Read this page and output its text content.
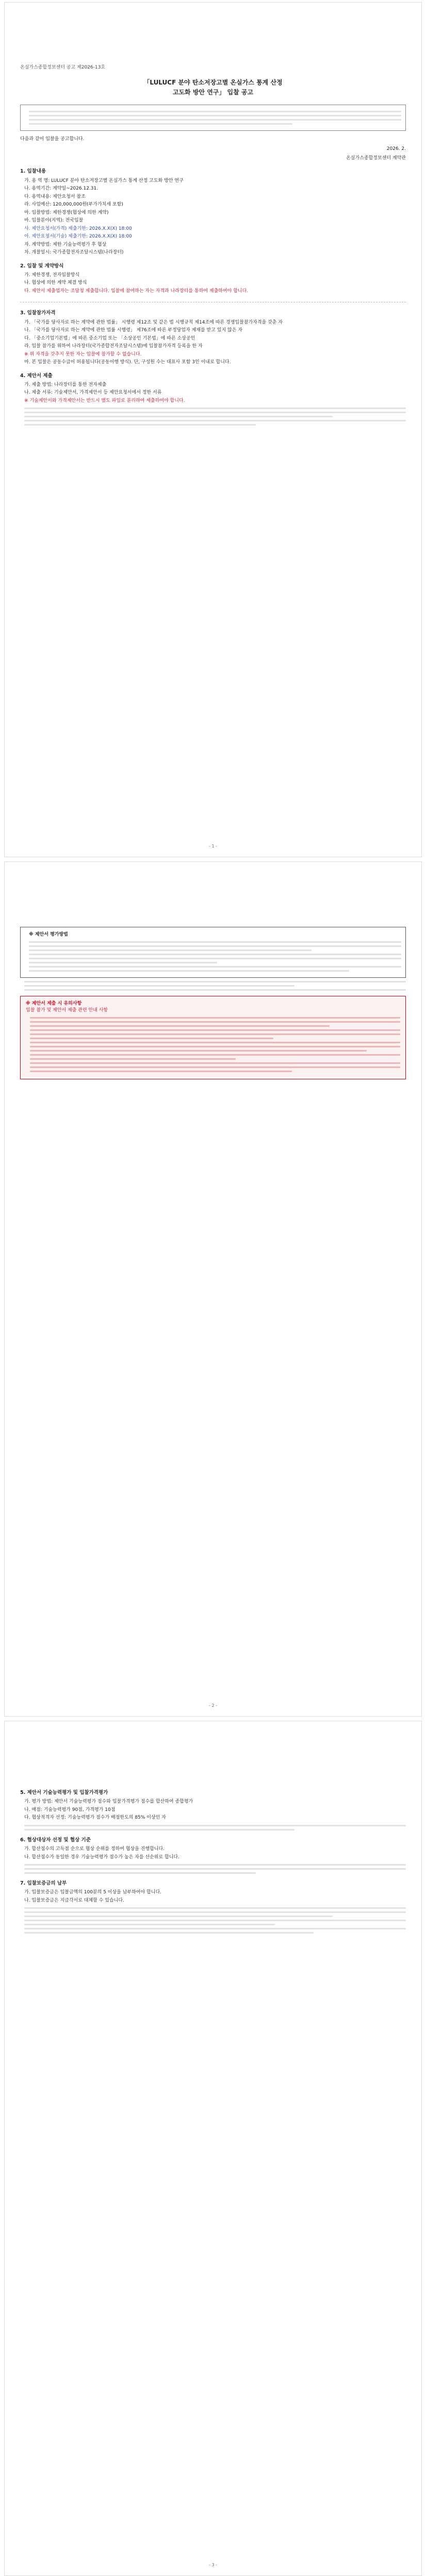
온실가스종합정보센터 공고 제2026-13호
「LULUCF 분야 탄소저장고별 온실가스 통계 산정
고도화 방안 연구」 입찰 공고
다음과 같이 입찰을 공고합니다.
2026. 2.
온실가스종합정보센터 계약관
1. 입찰내용
가. 용 역 명: LULUCF 분야 탄소저장고별 온실가스 통계 산정 고도화 방안 연구
나. 용역기간: 계약일~2026.12.31.
다. 용역내용: 제안요청서 참조
라. 사업예산: 120,000,000원(부가가치세 포함)
마. 입찰방법: 제한경쟁(협상에 의한 계약)
바. 입찰분야(지역): 전국입찰
사. 제안요청서(가격) 제출기한: 2026.X.X(X) 18:00
아. 제안요청서(기술) 제출기한: 2026.X.X(X) 18:00
자. 계약방법: 제한 기술능력평가 후 협상
차. 개찰일시: 국가종합전자조달시스템(나라장터)
2. 입찰 및 계약방식
가. 제한경쟁, 전자입찰방식
나. 협상에 의한 계약 체결 방식
다. 제안서 제출업자는 조달청 제출합니다. 입찰에 참여하는 자는 자격과 나라장터를 통하여 제출하여야 합니다.
3. 입찰참가자격
가. 「국가를 당사자로 하는 계약에 관한 법률」 시행령 제12조 및 같은 법 시행규칙 제14조에 따른 경쟁입찰참가자격을 갖춘 자
나. 「국가를 당사자로 하는 계약에 관한 법률 시행령」 제76조에 따른 부정당업자 제재를 받고 있지 않은 자
다. 「중소기업기본법」에 따른 중소기업 또는 「소상공인 기본법」에 따른 소상공인
라. 입찰 참가를 위하여 나라장터(국가종합전자조달시스템)에 입찰참가자격 등록을 한 자
※ 위 자격을 갖추지 못한 자는 입찰에 참가할 수 없습니다.
마. 본 입찰은 공동수급이 허용됩니다(공동이행 방식). 단, 구성원 수는 대표사 포함 3인 이내로 합니다.
4. 제안서 제출
가. 제출 방법: 나라장터를 통한 전자제출
나. 제출 서류: 기술제안서, 가격제안서 등 제안요청서에서 정한 서류
※ 기술제안서와 가격제안서는 반드시 별도 파일로 분리하여 제출하여야 합니다.
- 1 -
※ 제안서 평가방법
※ 제안서 제출 시 유의사항
입찰 참가 및 제안서 제출 관련 안내 사항
- 2 -
5. 제안서 기술능력평가 및 입찰가격평가
가. 평가 방법: 제안서 기술능력평가 점수와 입찰가격평가 점수를 합산하여 종합평가
나. 배점: 기술능력평가 90점, 가격평가 10점
다. 협상적격자 선정: 기술능력평가 점수가 배점한도의 85% 이상인 자
6. 협상대상자 선정 및 협상 기준
가. 합산점수의 고득점 순으로 협상 순위를 정하여 협상을 진행합니다.
나. 합산점수가 동일한 경우 기술능력평가 점수가 높은 자를 선순위로 합니다.
7. 입찰보증금의 납부
가. 입찰보증금은 입찰금액의 100분의 5 이상을 납부하여야 합니다.
나. 입찰보증금은 지급각서로 대체할 수 있습니다.
- 3 -
